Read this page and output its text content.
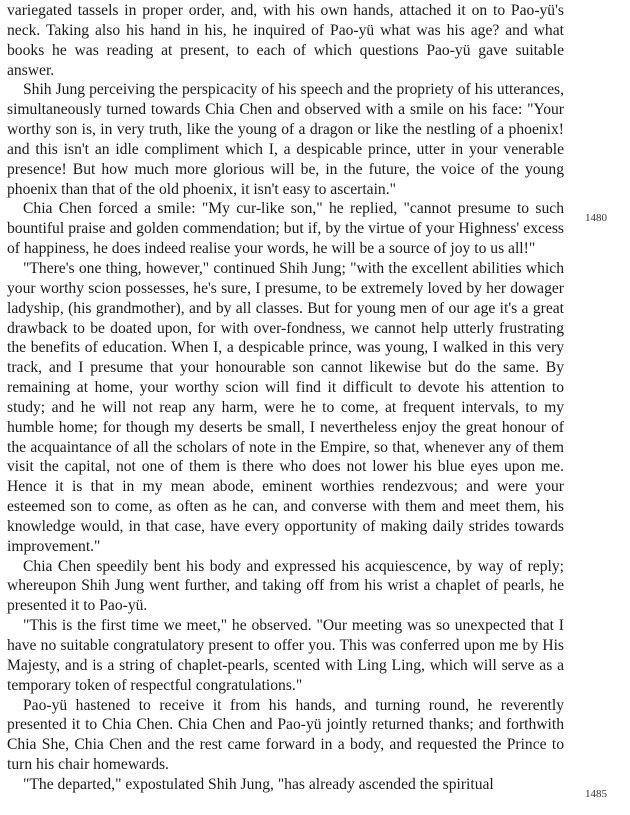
variegated tassels in proper order, and, with his own hands, attached it on to Pao-yü's neck. Taking also his hand in his, he inquired of Pao-yü what was his age? and what books he was reading at present, to each of which questions Pao-yü gave suitable answer.

Shih Jung perceiving the perspicacity of his speech and the propriety of his utterances, simultaneously turned towards Chia Chen and observed with a smile on his face: "Your worthy son is, in very truth, like the young of a dragon or like the nestling of a phoenix! and this isn't an idle compliment which I, a despicable prince, utter in your venerable presence! But how much more glorious will be, in the future, the voice of the young phoenix than that of the old phoenix, it isn't easy to ascertain."

Chia Chen forced a smile: "My cur-like son," he replied, "cannot presume to such bountiful praise and golden commendation; but if, by the virtue of your Highness' excess of happiness, he does indeed realise your words, he will be a source of joy to us all!"

"There's one thing, however," continued Shih Jung; "with the excellent abilities which your worthy scion possesses, he's sure, I presume, to be extremely loved by her dowager ladyship, (his grandmother), and by all classes. But for young men of our age it's a great drawback to be doated upon, for with over-fondness, we cannot help utterly frustrating the benefits of education. When I, a despicable prince, was young, I walked in this very track, and I presume that your honourable son cannot likewise but do the same. By remaining at home, your worthy scion will find it difficult to devote his attention to study; and he will not reap any harm, were he to come, at frequent intervals, to my humble home; for though my deserts be small, I nevertheless enjoy the great honour of the acquaintance of all the scholars of note in the Empire, so that, whenever any of them visit the capital, not one of them is there who does not lower his blue eyes upon me. Hence it is that in my mean abode, eminent worthies rendezvous; and were your esteemed son to come, as often as he can, and converse with them and meet them, his knowledge would, in that case, have every opportunity of making daily strides towards improvement."

Chia Chen speedily bent his body and expressed his acquiescence, by way of reply; whereupon Shih Jung went further, and taking off from his wrist a chaplet of pearls, he presented it to Pao-yü.

"This is the first time we meet," he observed. "Our meeting was so unexpected that I have no suitable congratulatory present to offer you. This was conferred upon me by His Majesty, and is a string of chaplet-pearls, scented with Ling Ling, which will serve as a temporary token of respectful congratulations."

Pao-yü hastened to receive it from his hands, and turning round, he reverently presented it to Chia Chen. Chia Chen and Pao-yü jointly returned thanks; and forthwith Chia She, Chia Chen and the rest came forward in a body, and requested the Prince to turn his chair homewards.

"The departed," expostulated Shih Jung, "has already ascended the spiritual

1480
1485
